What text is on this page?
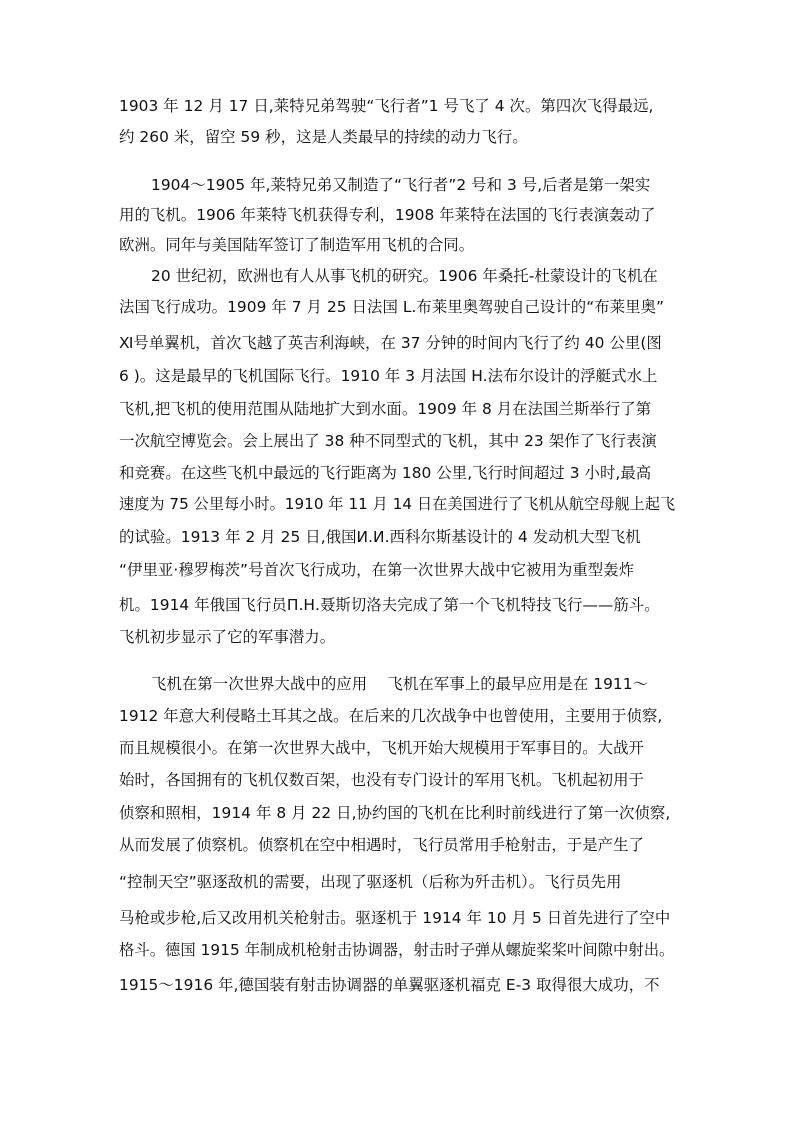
1903 年 12 月 17 日,莱特兄弟驾驶“飞行者”1 号飞了 4 次。第四次飞得最远,

约 260 米，留空 59 秒，这是人类最早的持续的动力飞行。

1904～1905 年,莱特兄弟又制造了“飞行者”2 号和 3 号,后者是第一架实

用的飞机。1906 年莱特飞机获得专利，1908 年莱特在法国的飞行表演轰动了

欧洲。同年与美国陆军签订了制造军用飞机的合同。

20 世纪初，欧洲也有人从事飞机的研究。1906 年桑托-杜蒙设计的飞机在

法国飞行成功。1909 年 7 月 25 日法国 L.布莱里奥驾驶自己设计的“布莱里奥”

Ⅺ号单翼机，首次飞越了英吉利海峡，在 37 分钟的时间内飞行了约 40 公里(图

6 )。这是最早的飞机国际飞行。1910 年 3 月法国 H.法布尔设计的浮艇式水上

飞机,把飞机的使用范围从陆地扩大到水面。1909 年 8 月在法国兰斯举行了第

一次航空博览会。会上展出了 38 种不同型式的飞机，其中 23 架作了飞行表演

和竞赛。在这些飞机中最远的飞行距离为 180 公里,飞行时间超过 3 小时,最高

速度为 75 公里每小时。1910 年 11 月 14 日在美国进行了飞机从航空母舰上起飞

的试验。1913 年 2 月 25 日,俄国И.И.西科尔斯基设计的 4 发动机大型飞机

“伊里亚·穆罗梅茨”号首次飞行成功，在第一次世界大战中它被用为重型轰炸

机。1914 年俄国飞行员П.Н.聂斯切洛夫完成了第一个飞机特技飞行——筋斗。

飞机初步显示了它的军事潜力。

飞机在第一次世界大战中的应用　 飞机在军事上的最早应用是在 1911～

1912 年意大利侵略土耳其之战。在后来的几次战争中也曾使用，主要用于侦察,

而且规模很小。在第一次世界大战中，飞机开始大规模用于军事目的。大战开

始时，各国拥有的飞机仅数百架，也没有专门设计的军用飞机。飞机起初用于

侦察和照相，1914 年 8 月 22 日,协约国的飞机在比利时前线进行了第一次侦察,

从而发展了侦察机。侦察机在空中相遇时，飞行员常用手枪射击，于是产生了

“控制天空”驱逐敌机的需要，出现了驱逐机（后称为歼击机）。飞行员先用

马枪或步枪,后又改用机关枪射击。驱逐机于 1914 年 10 月 5 日首先进行了空中

格斗。德国 1915 年制成机枪射击协调器，射击时子弹从螺旋桨桨叶间隙中射出。

1915～1916 年,德国装有射击协调器的单翼驱逐机福克 E-3 取得很大成功，不
